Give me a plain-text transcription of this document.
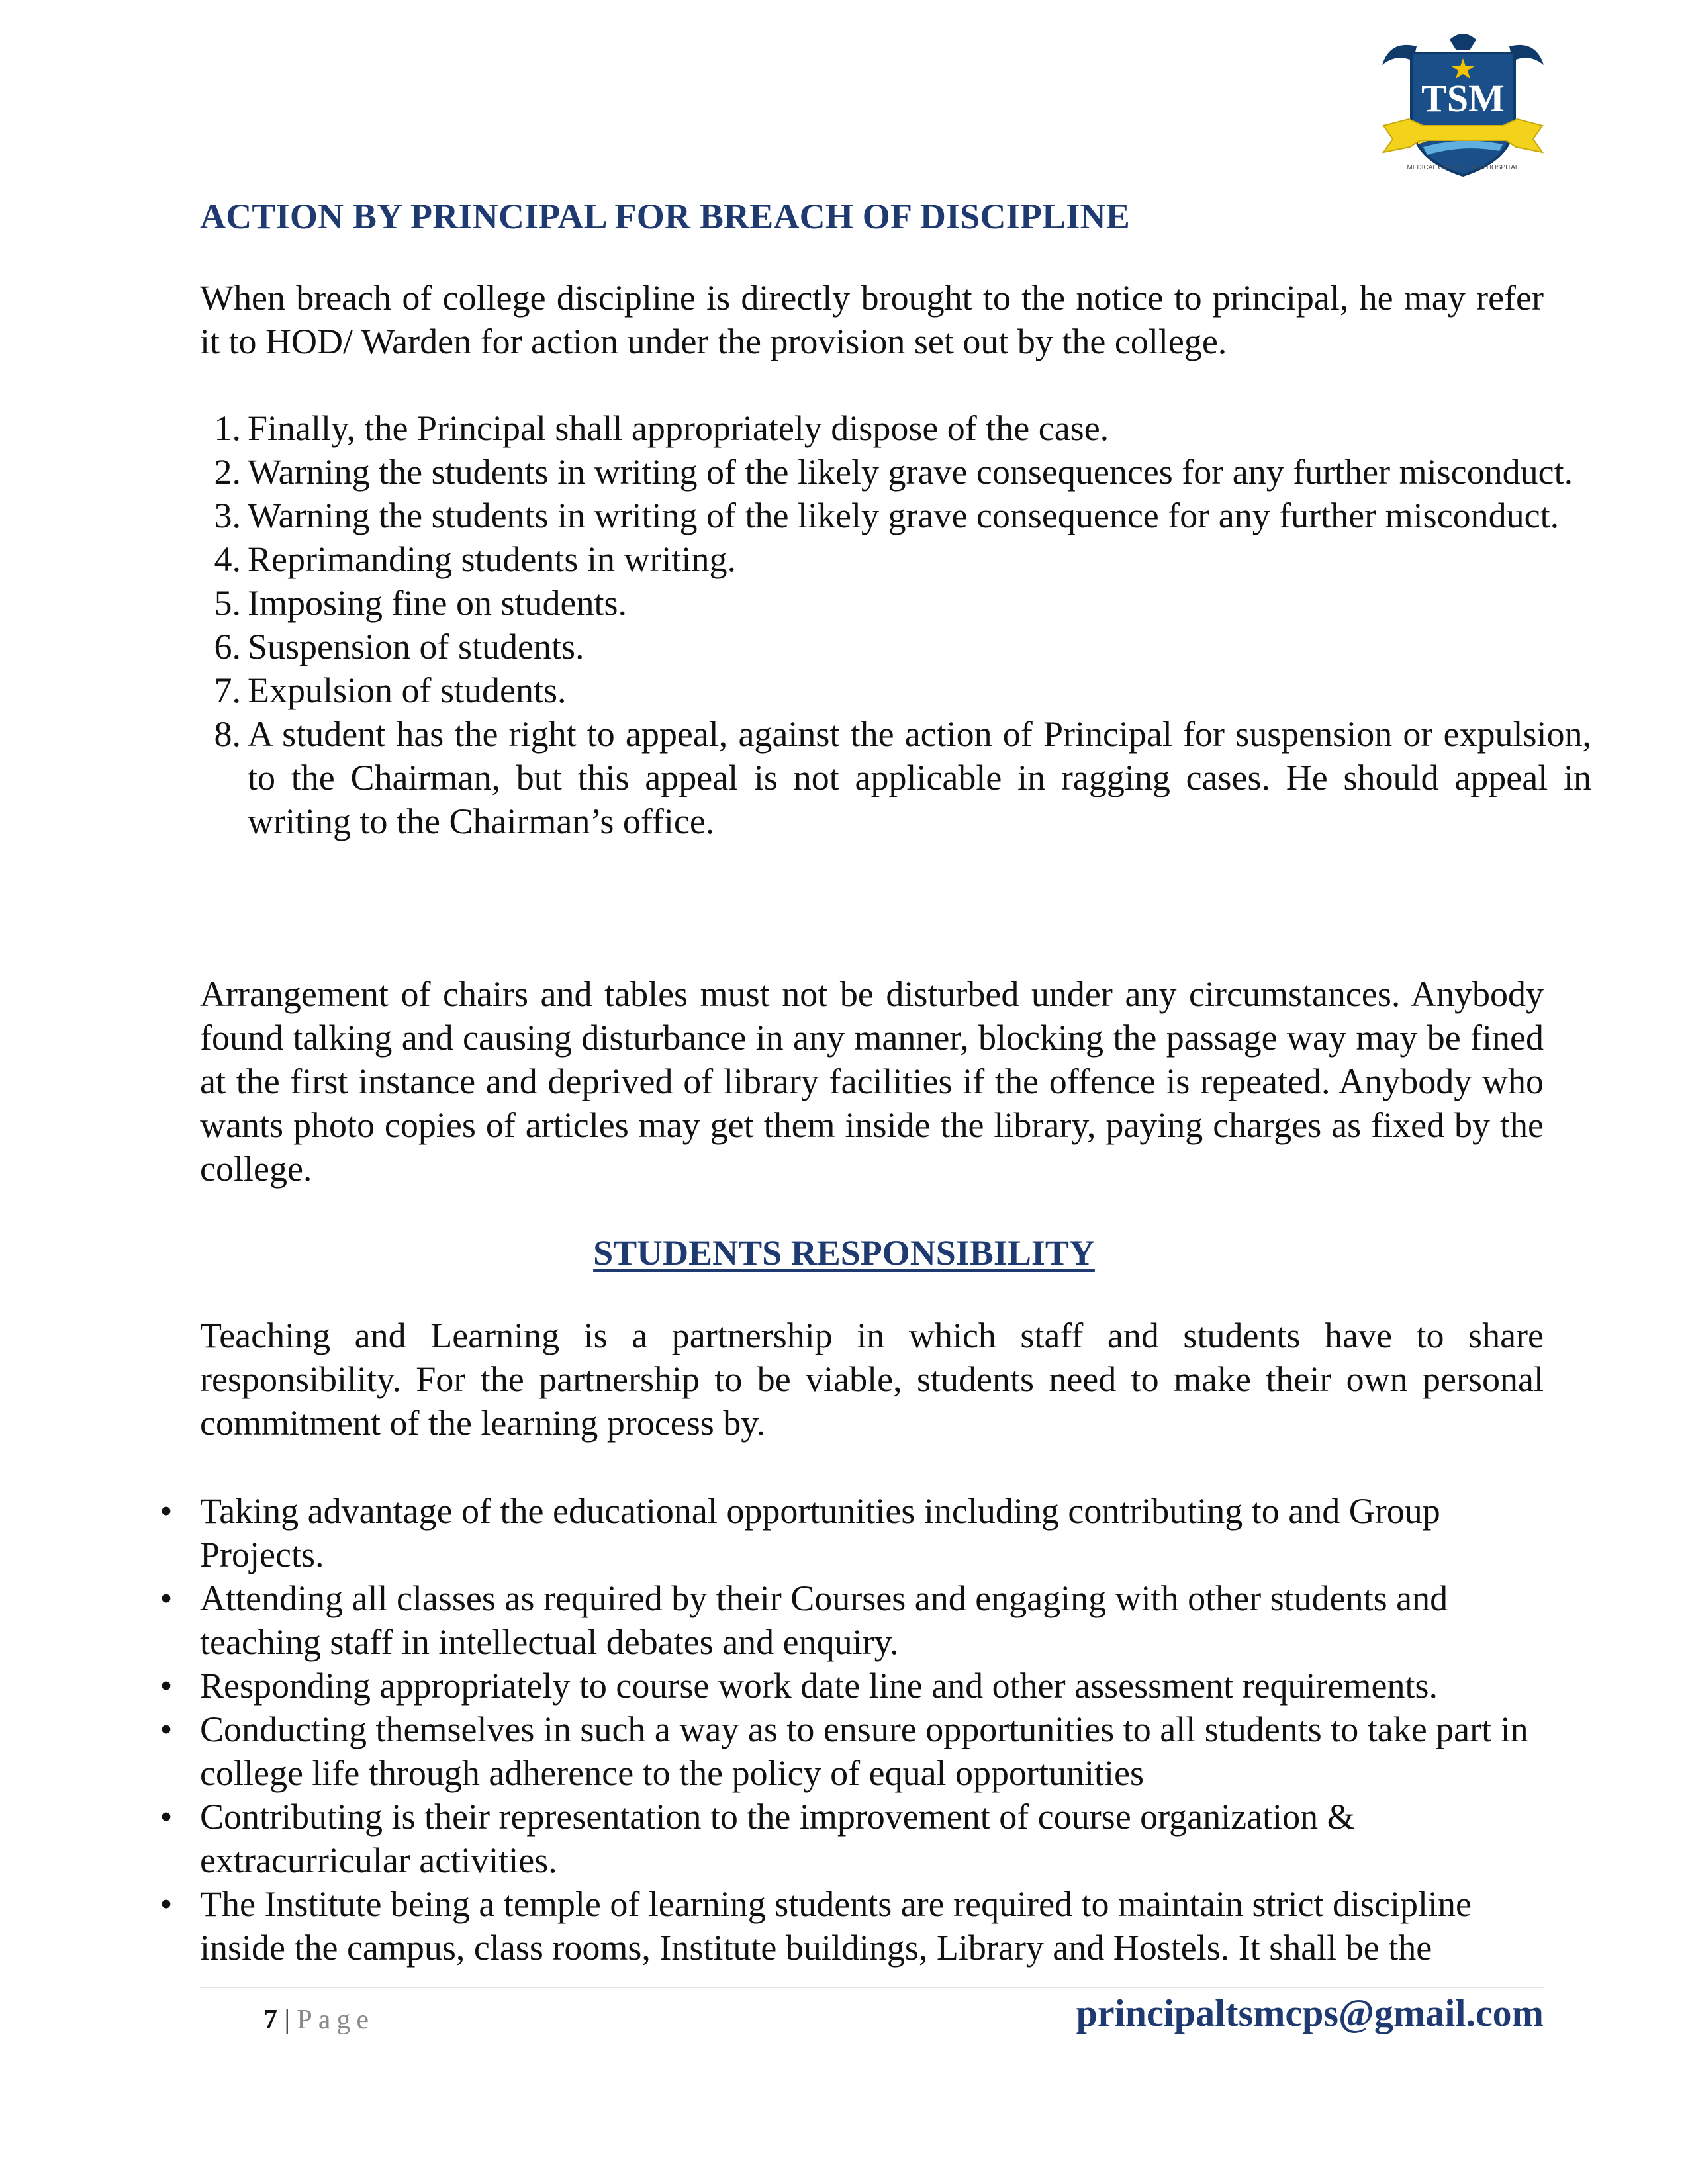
TSM
MEDICAL COLLEGE AND HOSPITAL
ACTION BY PRINCIPAL FOR BREACH OF DISCIPLINE

When breach of college discipline is directly brought to the notice to principal, he may refer it to HOD/ Warden for action under the provision set out by the college.

1. Finally, the Principal shall appropriately dispose of the case.
2. Warning the students in writing of the likely grave consequences for any further misconduct.
3. Warning the students in writing of the likely grave consequence for any further misconduct.
4. Reprimanding students in writing.
5. Imposing fine on students.
6. Suspension of students.
7. Expulsion of students.
8. A student has the right to appeal, against the action of Principal for suspension or expulsion, to the Chairman, but this appeal is not applicable in ragging cases. He should appeal in writing to the Chairman’s office.

Arrangement of chairs and tables must not be disturbed under any circumstances. Anybody found talking and causing disturbance in any manner, blocking the passage way may be fined at the first instance and deprived of library facilities if the offence is repeated. Anybody who wants photo copies of articles may get them inside the library, paying charges as fixed by the college.

STUDENTS RESPONSIBILITY

Teaching and Learning is a partnership in which staff and students have to share responsibility. For the partnership to be viable, students need to make their own personal commitment of the learning process by.

• Taking advantage of the educational opportunities including contributing to and Group Projects.
• Attending all classes as required by their Courses and engaging with other students and teaching staff in intellectual debates and enquiry.
• Responding appropriately to course work date line and other assessment requirements.
• Conducting themselves in such a way as to ensure opportunities to all students to take part in college life through adherence to the policy of equal opportunities
• Contributing is their representation to the improvement of course organization & extracurricular activities.
• The Institute being a temple of learning students are required to maintain strict discipline inside the campus, class rooms, Institute buildings, Library and Hostels. It shall be the
7 | Page	principaltsmcps@gmail.com
